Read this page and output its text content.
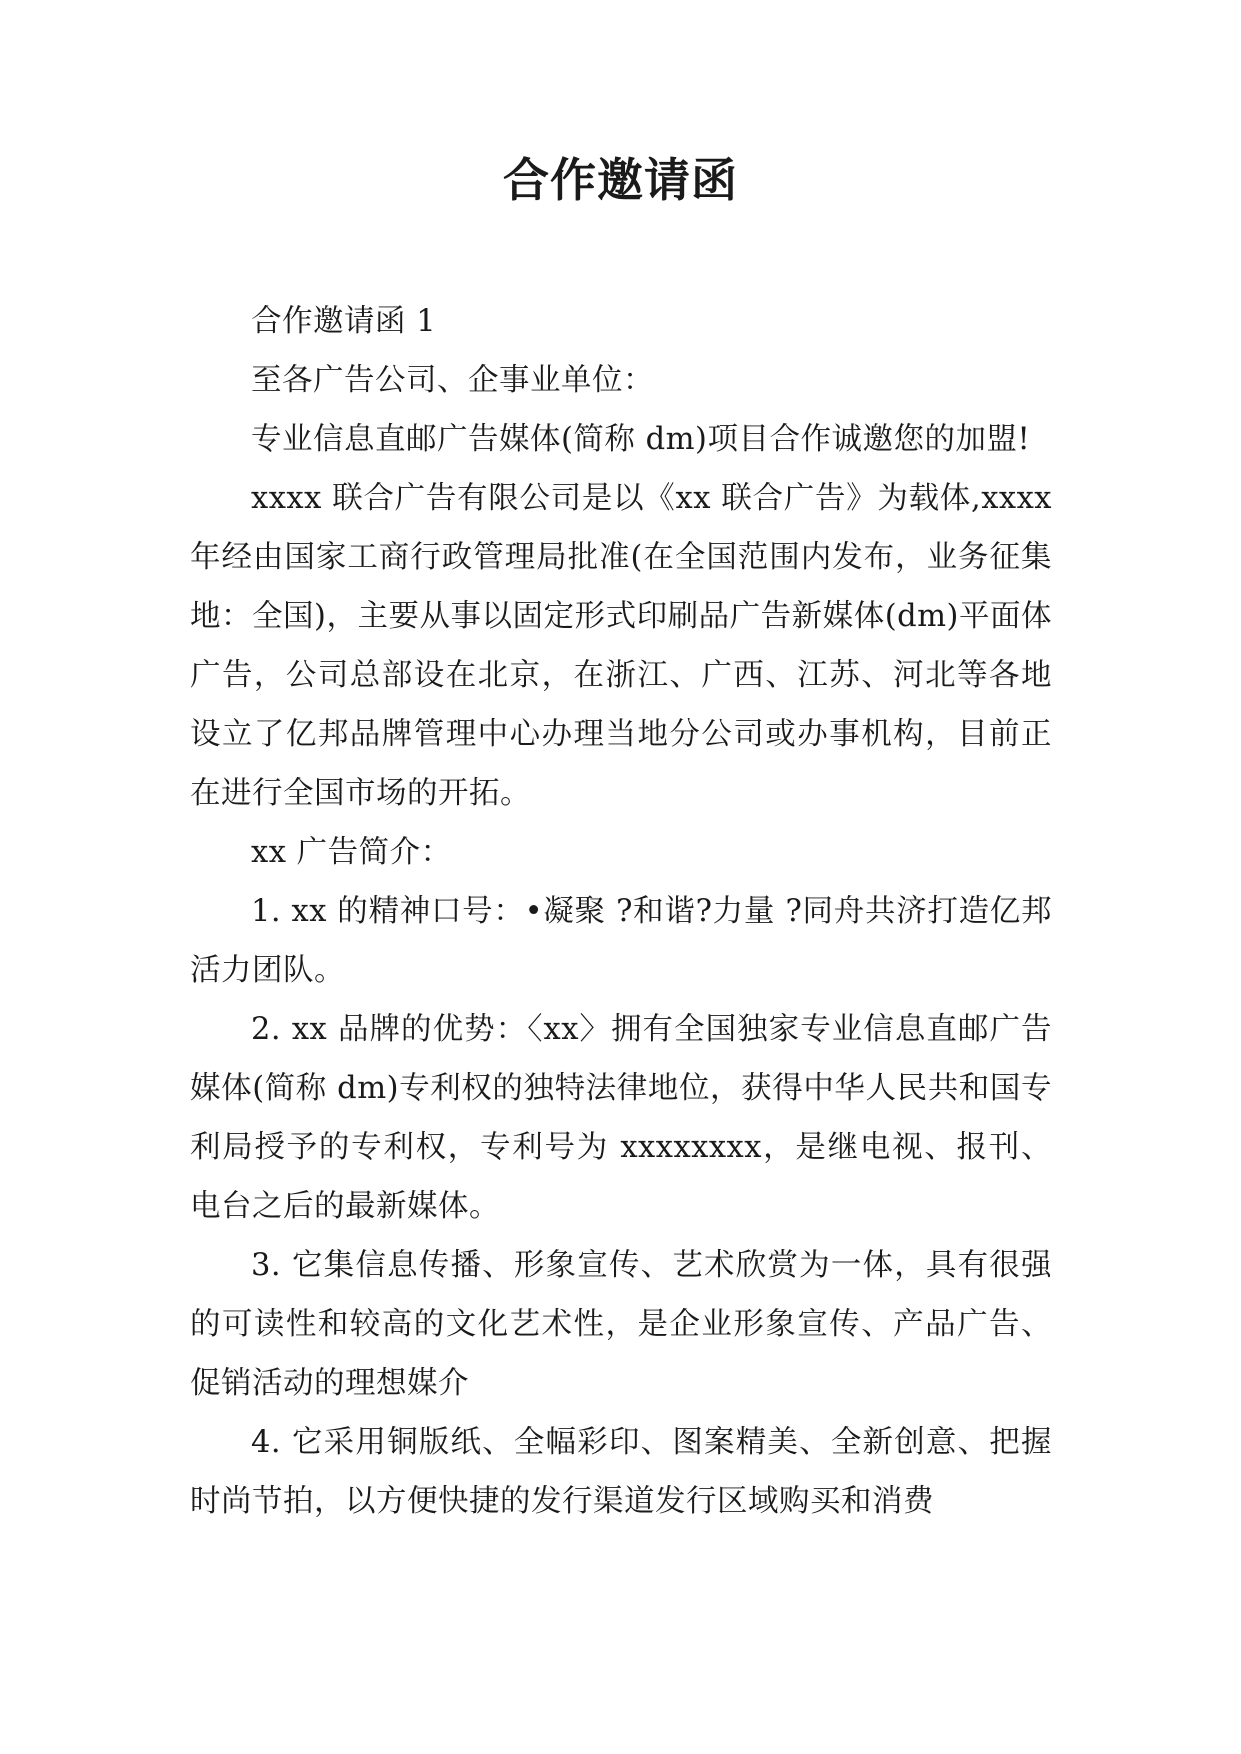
合作邀请函

合作邀请函 1

至各广告公司、企事业单位：

专业信息直邮广告媒体(简称 dm)项目合作诚邀您的加盟!

xxxx 联合广告有限公司是以《xx 联合广告》为载体,xxxx 年经由国家工商行政管理局批准(在全国范围内发布，业务征集地：全国)，主要从事以固定形式印刷品广告新媒体(dm)平面体广告，公司总部设在北京，在浙江、广西、江苏、河北等各地设立了亿邦品牌管理中心办理当地分公司或办事机构，目前正在进行全国市场的开拓。

xx 广告简介：

1. xx 的精神口号：•凝聚 ?和谐?力量 ?同舟共济打造亿邦活力团队。

2. xx 品牌的优势：〈xx〉拥有全国独家专业信息直邮广告媒体(简称 dm)专利权的独特法律地位，获得中华人民共和国专利局授予的专利权，专利号为 xxxxxxxx，是继电视、报刊、电台之后的最新媒体。

3. 它集信息传播、形象宣传、艺术欣赏为一体，具有很强的可读性和较高的文化艺术性，是企业形象宣传、产品广告、促销活动的理想媒介

4. 它采用铜版纸、全幅彩印、图案精美、全新创意、把握时尚节拍，以方便快捷的发行渠道发行区域购买和消费
